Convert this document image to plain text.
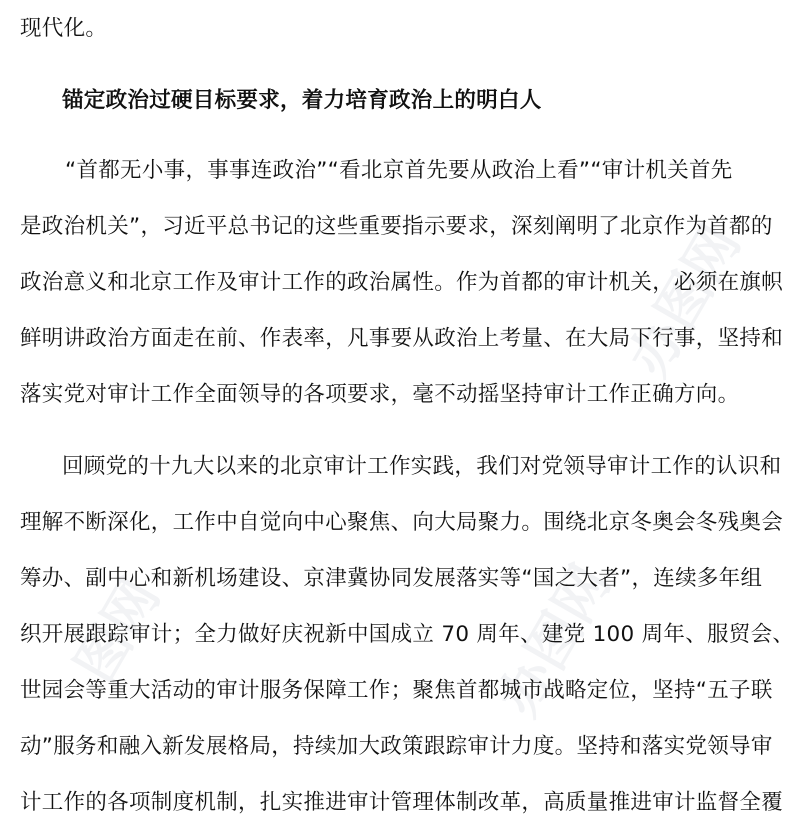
办图网
图网	办图网
现代化。
锚定政治过硬目标要求，着力培育政治上的明白人
“首都无小事，事事连政治”“看北京首先要从政治上看”“审计机关首先
是政治机关”，习近平总书记的这些重要指示要求，深刻阐明了北京作为首都的
政治意义和北京工作及审计工作的政治属性。作为首都的审计机关，必须在旗帜
鲜明讲政治方面走在前、作表率，凡事要从政治上考量、在大局下行事，坚持和
落实党对审计工作全面领导的各项要求，毫不动摇坚持审计工作正确方向。
回顾党的十九大以来的北京审计工作实践，我们对党领导审计工作的认识和
理解不断深化，工作中自觉向中心聚焦、向大局聚力。围绕北京冬奥会冬残奥会
筹办、副中心和新机场建设、京津冀协同发展落实等“国之大者”，连续多年组
织开展跟踪审计；全力做好庆祝新中国成立 70 周年、建党 100 周年、服贸会、
世园会等重大活动的审计服务保障工作；聚焦首都城市战略定位，坚持“五子联
动”服务和融入新发展格局，持续加大政策跟踪审计力度。坚持和落实党领导审
计工作的各项制度机制，扎实推进审计管理体制改革，高质量推进审计监督全覆
